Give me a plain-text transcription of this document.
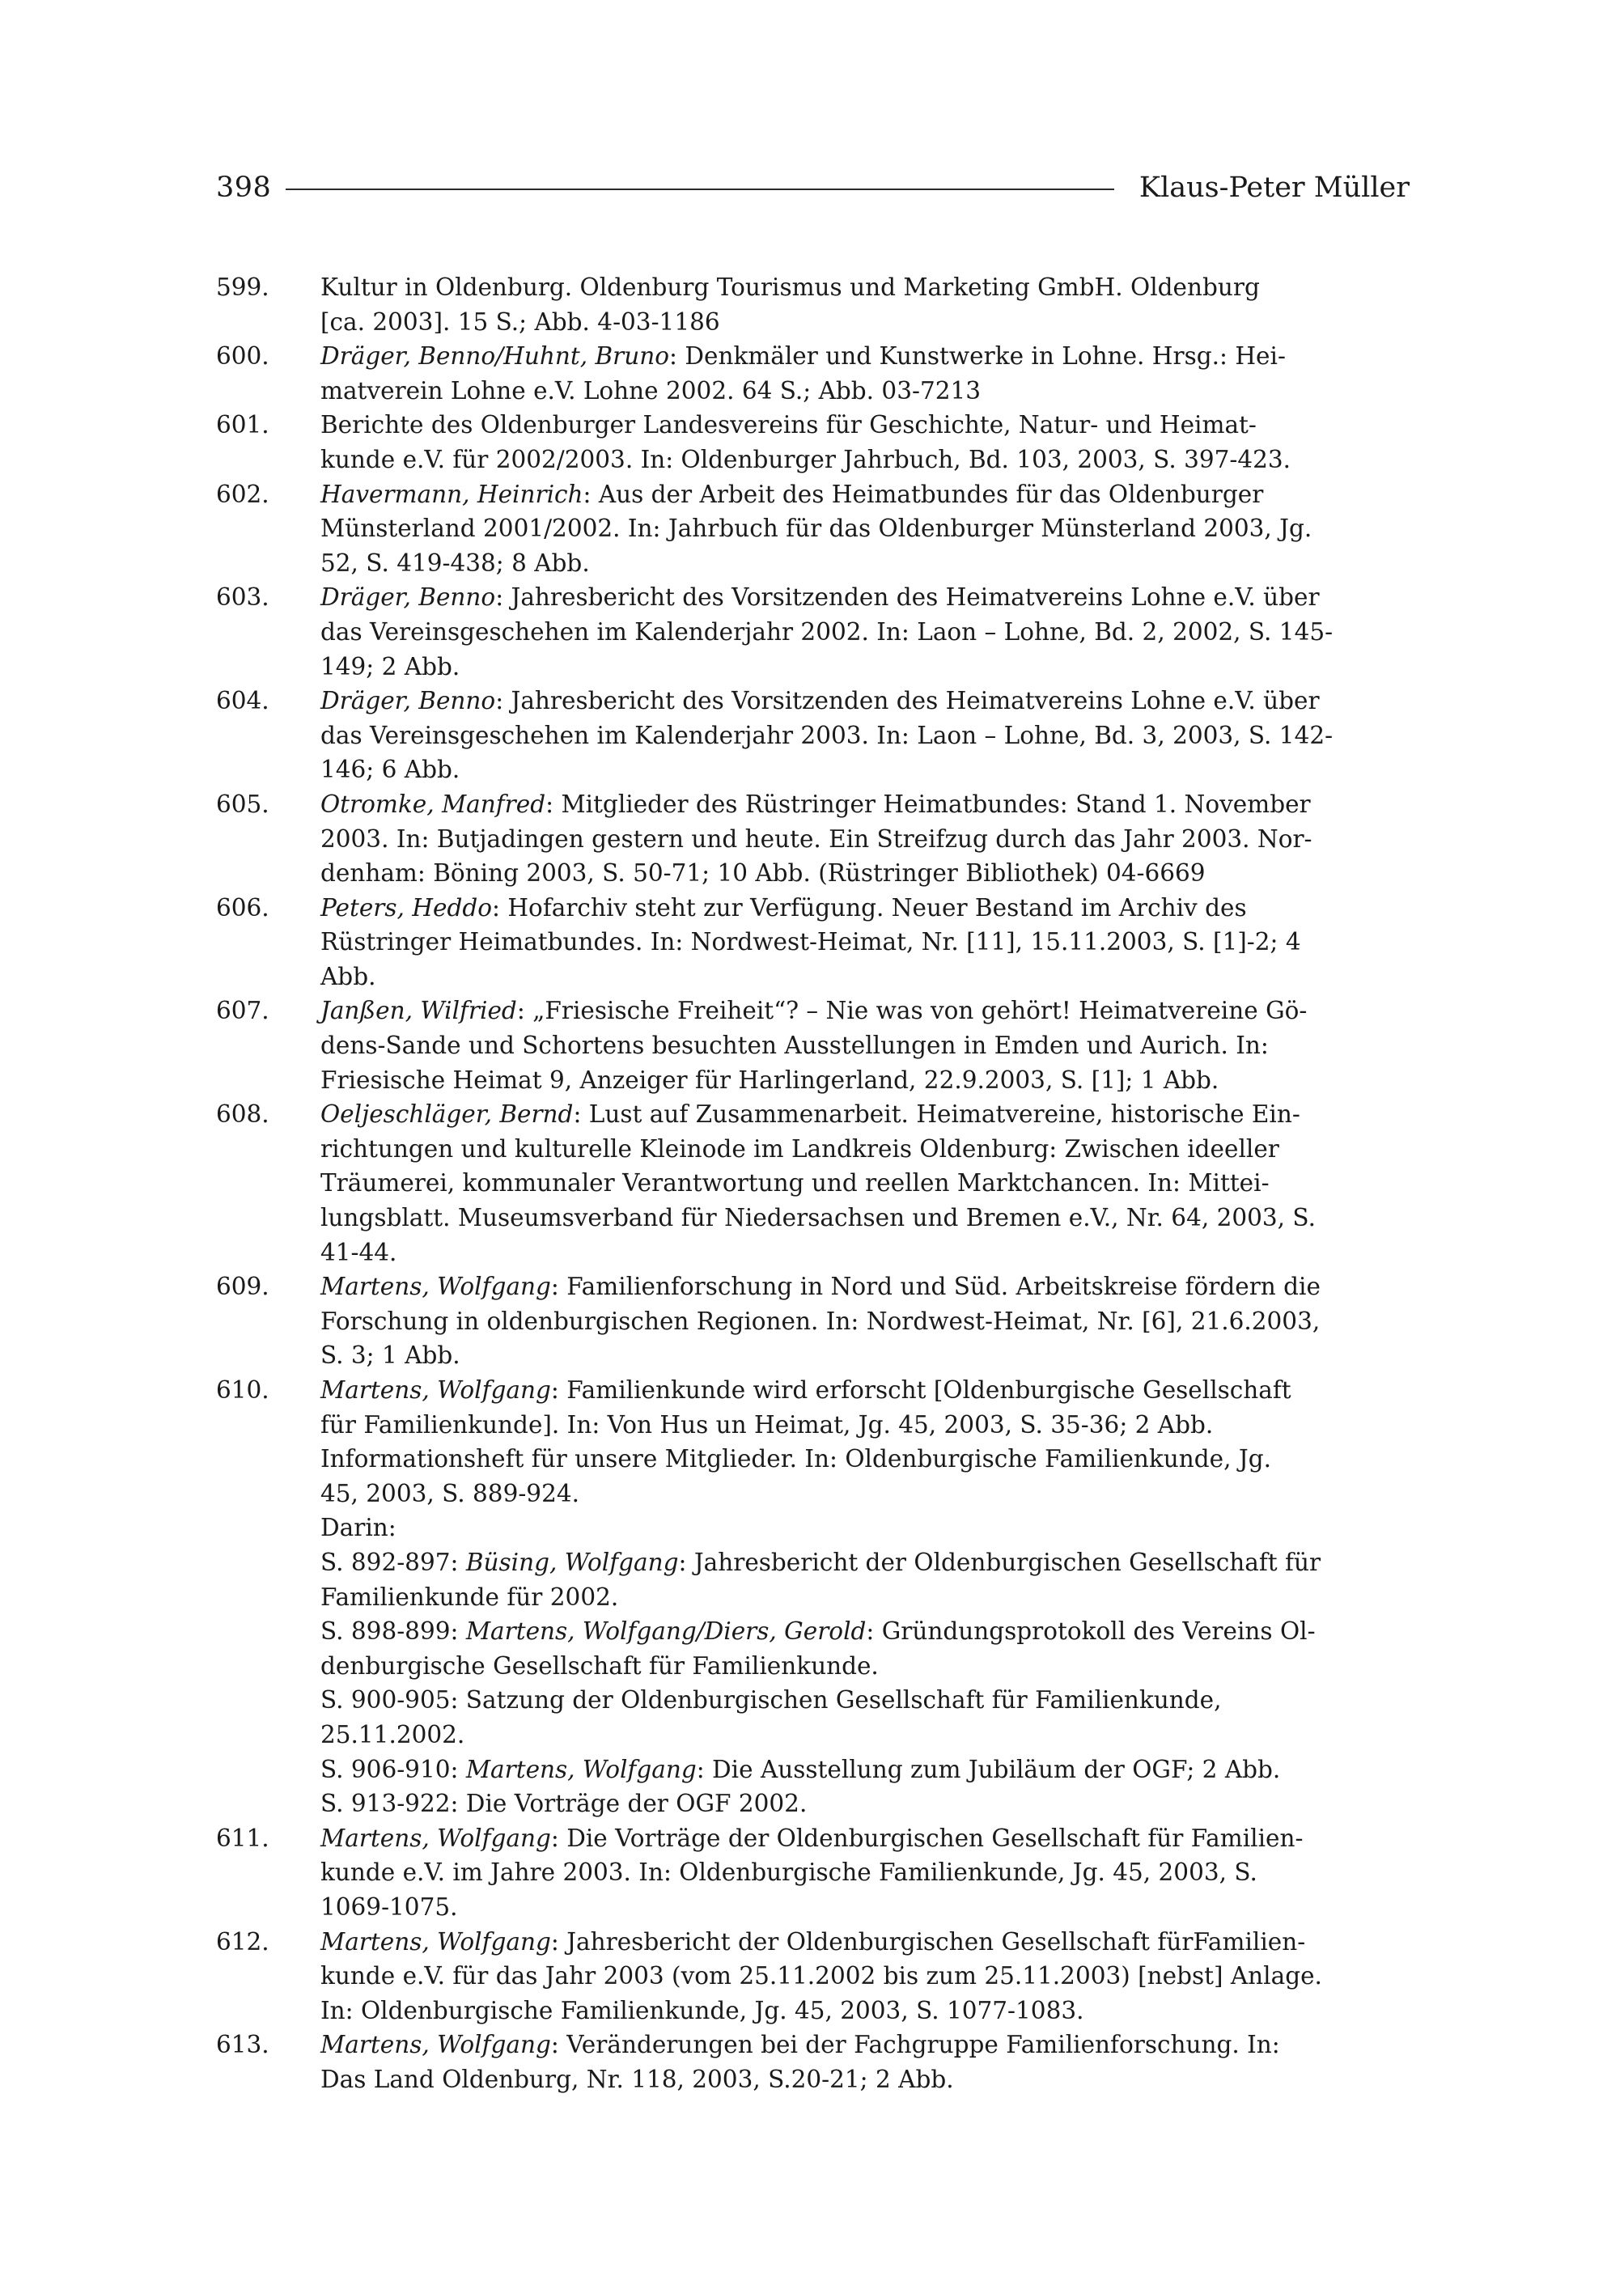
398	Klaus-Peter Müller
599. Kultur in Oldenburg. Oldenburg Tourismus und Marketing GmbH. Oldenburg
[ca. 2003]. 15 S.; Abb. 4-03-1186
600. Dräger, Benno/Huhnt, Bruno: Denkmäler und Kunstwerke in Lohne. Hrsg.: Hei-
matverein Lohne e.V. Lohne 2002. 64 S.; Abb. 03-7213
601. Berichte des Oldenburger Landesvereins für Geschichte, Natur- und Heimat-
kunde e.V. für 2002/2003. In: Oldenburger Jahrbuch, Bd. 103, 2003, S. 397-423.
602. Havermann, Heinrich: Aus der Arbeit des Heimatbundes für das Oldenburger
Münsterland 2001/2002. In: Jahrbuch für das Oldenburger Münsterland 2003, Jg.
52, S. 419-438; 8 Abb.
603. Dräger, Benno: Jahresbericht des Vorsitzenden des Heimatvereins Lohne e.V. über
das Vereinsgeschehen im Kalenderjahr 2002. In: Laon – Lohne, Bd. 2, 2002, S. 145-
149; 2 Abb.
604. Dräger, Benno: Jahresbericht des Vorsitzenden des Heimatvereins Lohne e.V. über
das Vereinsgeschehen im Kalenderjahr 2003. In: Laon – Lohne, Bd. 3, 2003, S. 142-
146; 6 Abb.
605. Otromke, Manfred: Mitglieder des Rüstringer Heimatbundes: Stand 1. November
2003. In: Butjadingen gestern und heute. Ein Streifzug durch das Jahr 2003. Nor-
denham: Böning 2003, S. 50-71; 10 Abb. (Rüstringer Bibliothek) 04-6669
606. Peters, Heddo: Hofarchiv steht zur Verfügung. Neuer Bestand im Archiv des
Rüstringer Heimatbundes. In: Nordwest-Heimat, Nr. [11], 15.11.2003, S. [1]-2; 4
Abb.
607. Janßen, Wilfried: „Friesische Freiheit“? – Nie was von gehört! Heimatvereine Gö-
dens-Sande und Schortens besuchten Ausstellungen in Emden und Aurich. In:
Friesische Heimat 9, Anzeiger für Harlingerland, 22.9.2003, S. [1]; 1 Abb.
608. Oeljeschläger, Bernd: Lust auf Zusammenarbeit. Heimatvereine, historische Ein-
richtungen und kulturelle Kleinode im Landkreis Oldenburg: Zwischen ideeller
Träumerei, kommunaler Verantwortung und reellen Marktchancen. In: Mittei-
lungsblatt. Museumsverband für Niedersachsen und Bremen e.V., Nr. 64, 2003, S.
41-44.
609. Martens, Wolfgang: Familienforschung in Nord und Süd. Arbeitskreise fördern die
Forschung in oldenburgischen Regionen. In: Nordwest-Heimat, Nr. [6], 21.6.2003,
S. 3; 1 Abb.
610. Martens, Wolfgang: Familienkunde wird erforscht [Oldenburgische Gesellschaft
für Familienkunde]. In: Von Hus un Heimat, Jg. 45, 2003, S. 35-36; 2 Abb.
Informationsheft für unsere Mitglieder. In: Oldenburgische Familienkunde, Jg.
45, 2003, S. 889-924.
Darin:
S. 892-897: Büsing, Wolfgang: Jahresbericht der Oldenburgischen Gesellschaft für
Familienkunde für 2002.
S. 898-899: Martens, Wolfgang/Diers, Gerold: Gründungsprotokoll des Vereins Ol-
denburgische Gesellschaft für Familienkunde.
S. 900-905: Satzung der Oldenburgischen Gesellschaft für Familienkunde,
25.11.2002.
S. 906-910: Martens, Wolfgang: Die Ausstellung zum Jubiläum der OGF; 2 Abb.
S. 913-922: Die Vorträge der OGF 2002.
611. Martens, Wolfgang: Die Vorträge der Oldenburgischen Gesellschaft für Familien-
kunde e.V. im Jahre 2003. In: Oldenburgische Familienkunde, Jg. 45, 2003, S.
1069-1075.
612. Martens, Wolfgang: Jahresbericht der Oldenburgischen Gesellschaft fürFamilien-
kunde e.V. für das Jahr 2003 (vom 25.11.2002 bis zum 25.11.2003) [nebst] Anlage.
In: Oldenburgische Familienkunde, Jg. 45, 2003, S. 1077-1083.
613. Martens, Wolfgang: Veränderungen bei der Fachgruppe Familienforschung. In:
Das Land Oldenburg, Nr. 118, 2003, S.20-21; 2 Abb.
